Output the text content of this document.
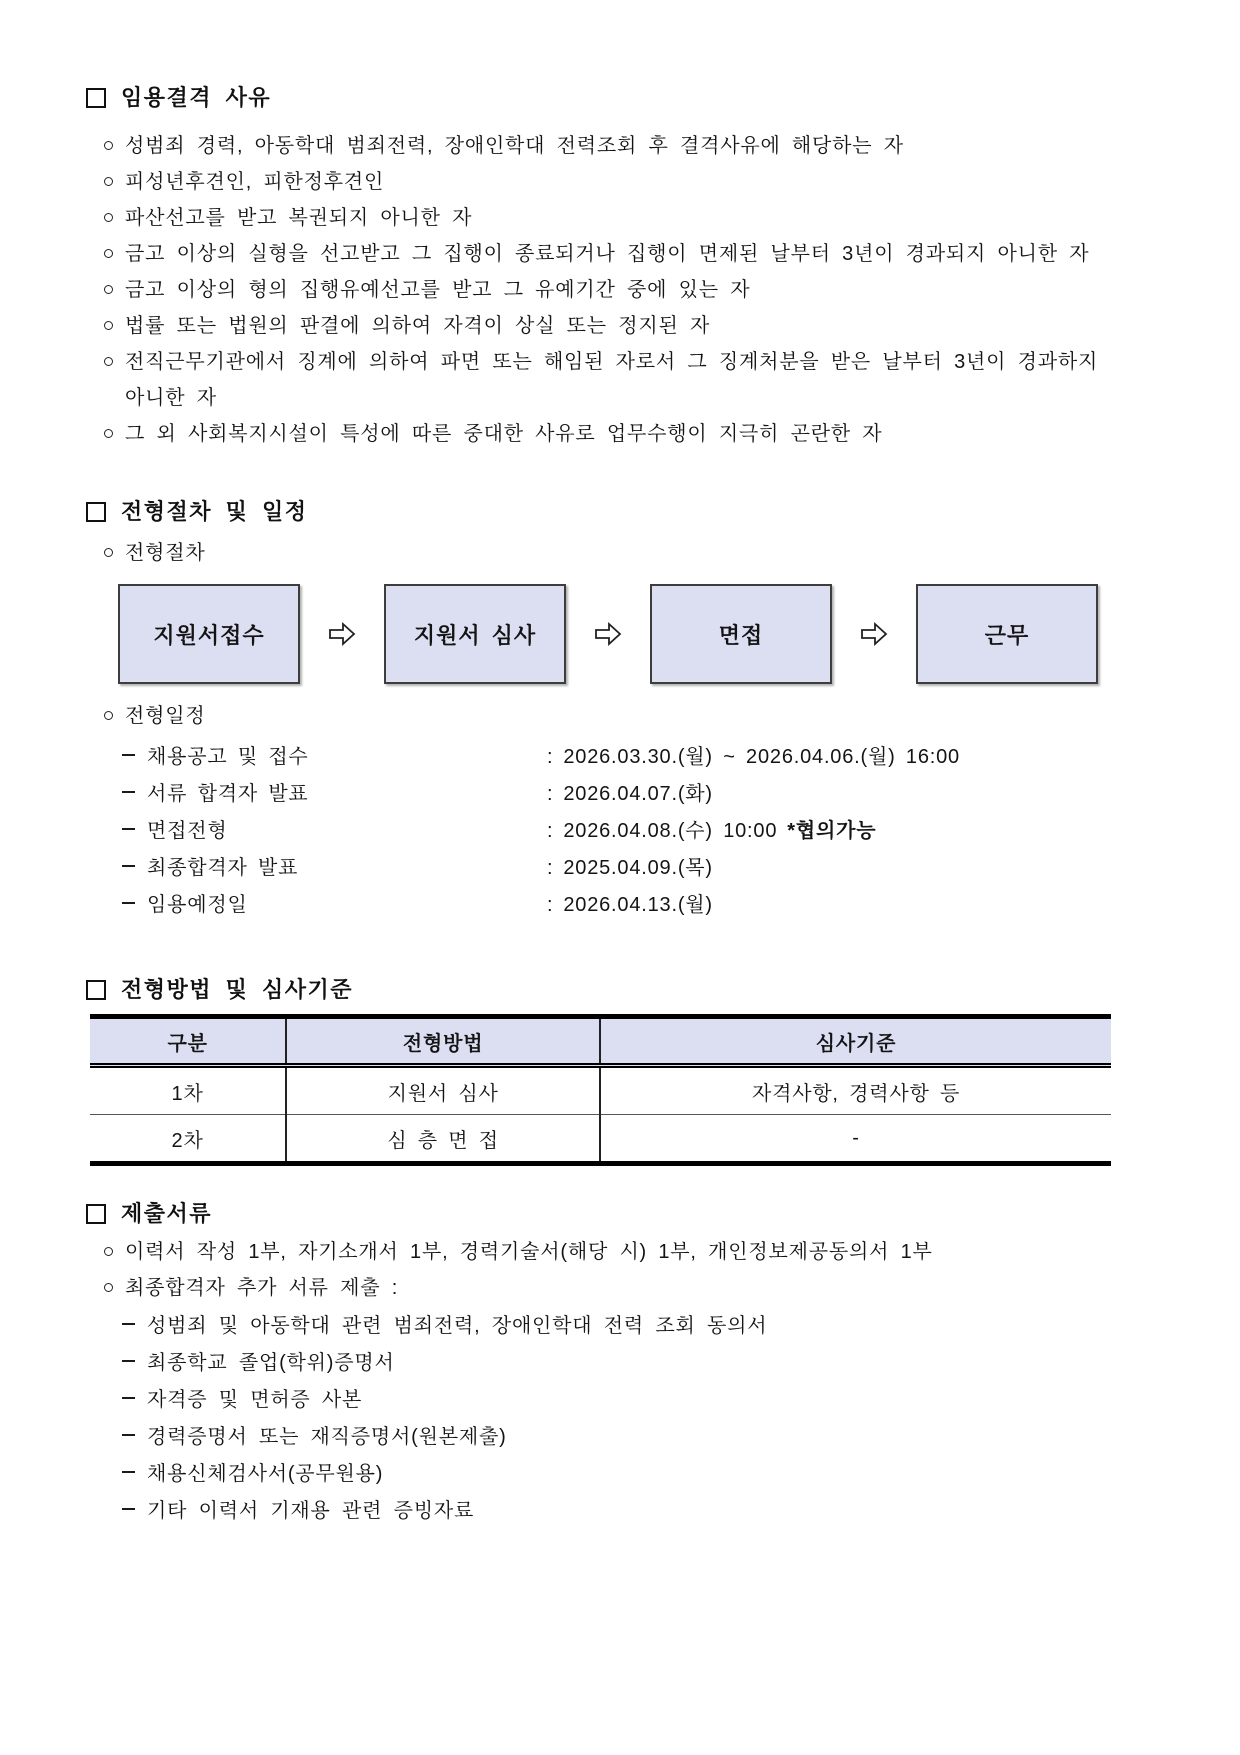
임용결격 사유
성범죄 경력, 아동학대 범죄전력, 장애인학대 전력조회 후 결격사유에 해당하는 자
피성년후견인, 피한정후견인
파산선고를 받고 복권되지 아니한 자
금고 이상의 실형을 선고받고 그 집행이 종료되거나 집행이 면제된 날부터 3년이 경과되지 아니한 자
금고 이상의 형의 집행유예선고를 받고 그 유예기간 중에 있는 자
법률 또는 법원의 판결에 의하여 자격이 상실 또는 정지된 자
전직근무기관에서 징계에 의하여 파면 또는 해임된 자로서 그 징계처분을 받은 날부터 3년이 경과하지 아니한 자
그 외 사회복지시설이 특성에 따른 중대한 사유로 업무수행이 지극히 곤란한 자
전형절차 및 일정
전형절차
지원서접수	지원서 심사	면접	근무
전형일정
채용공고 및 접수	: 2026.03.30.(월) ~ 2026.04.06.(월) 16:00
서류 합격자 발표	: 2026.04.07.(화)
면접전형	: 2026.04.08.(수) 10:00 *협의가능
최종합격자 발표	: 2025.04.09.(목)
임용예정일	: 2026.04.13.(월)
전형방법 및 심사기준
구분	전형방법	심사기준
1차	지원서 심사	자격사항, 경력사항 등
2차	심 층 면 접	-
제출서류
이력서 작성 1부, 자기소개서 1부, 경력기술서(해당 시) 1부, 개인정보제공동의서 1부
최종합격자 추가 서류 제출 :
성범죄 및 아동학대 관련 범죄전력, 장애인학대 전력 조회 동의서
최종학교 졸업(학위)증명서
자격증 및 면허증 사본
경력증명서 또는 재직증명서(원본제출)
채용신체검사서(공무원용)
기타 이력서 기재용 관련 증빙자료
